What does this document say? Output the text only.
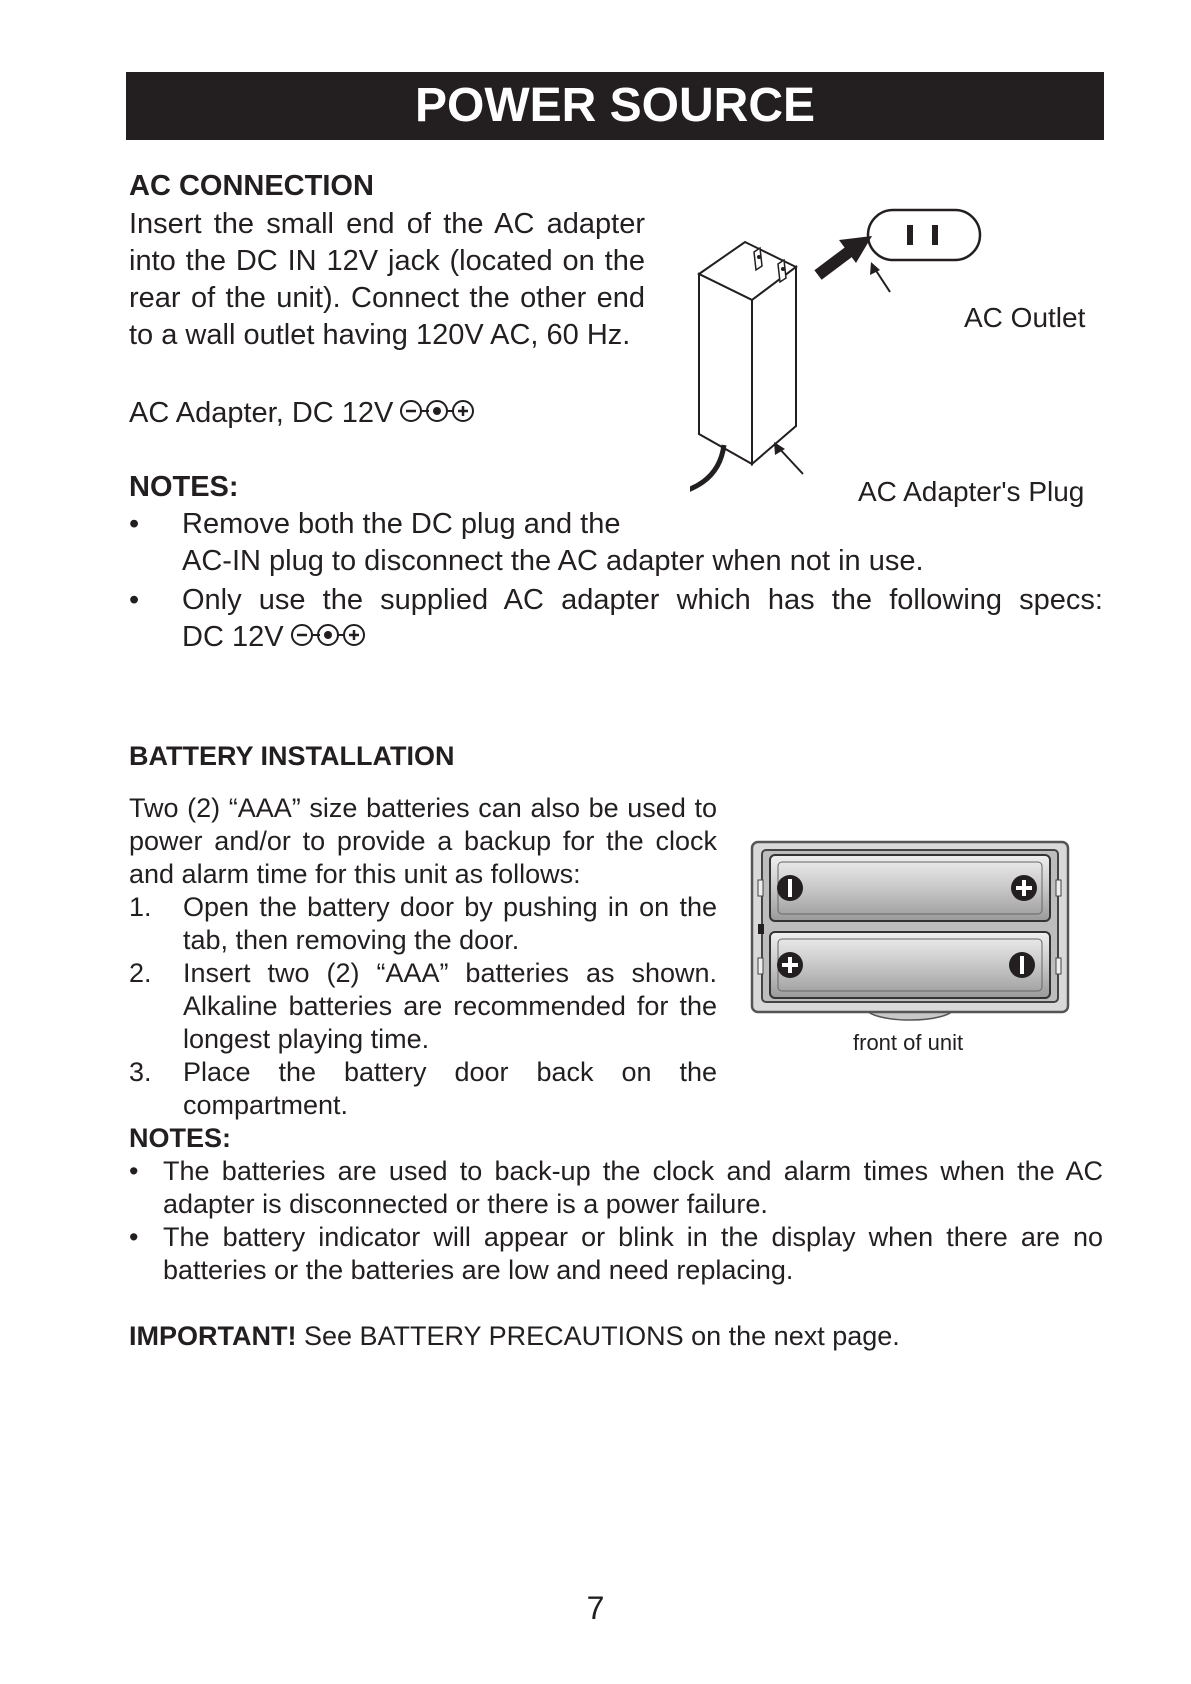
POWER SOURCE
AC CONNECTION
Insert the small end of the AC adapter
into the DC IN 12V jack (located on the
rear of the unit). Connect the other end
to a wall outlet having 120V AC, 60 Hz.
AC Adapter, DC 12V
NOTES:
• Remove both the DC plug and the
AC-IN plug to disconnect the AC adapter when not in use.
• Only use the supplied AC adapter which has the following specs:
DC 12V
AC Outlet
AC Adapter's Plug
BATTERY INSTALLATION
Two (2) “AAA” size batteries can also be used to
power and/or to provide a backup for the clock
and alarm time for this unit as follows:
1. Open the battery door by pushing in on the
tab, then removing the door.
2. Insert two (2) “AAA” batteries as shown.
Alkaline batteries are recommended for the
longest playing time.
3. Place the battery door back on the
compartment.
NOTES:
• The batteries are used to back-up the clock and alarm times when the AC
adapter is disconnected or there is a power failure.
• The battery indicator will appear or blink in the display when there are no
batteries or the batteries are low and need replacing.
IMPORTANT! See BATTERY PRECAUTIONS on the next page.
front of unit
7
